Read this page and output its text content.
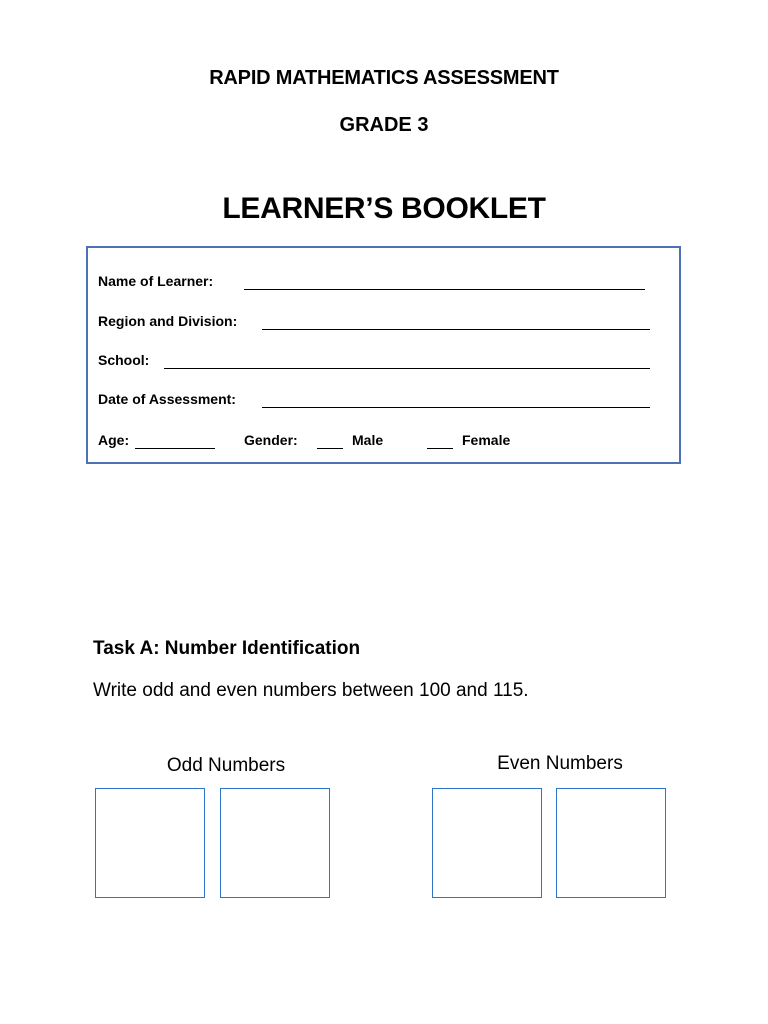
RAPID MATHEMATICS ASSESSMENT
GRADE 3
LEARNER’S BOOKLET
Name of Learner:
Region and Division:
School:
Date of Assessment:
Age:	Gender:	Male	Female
Task A: Number Identification
Write odd and even numbers between 100 and 115.
Odd Numbers	Even Numbers
